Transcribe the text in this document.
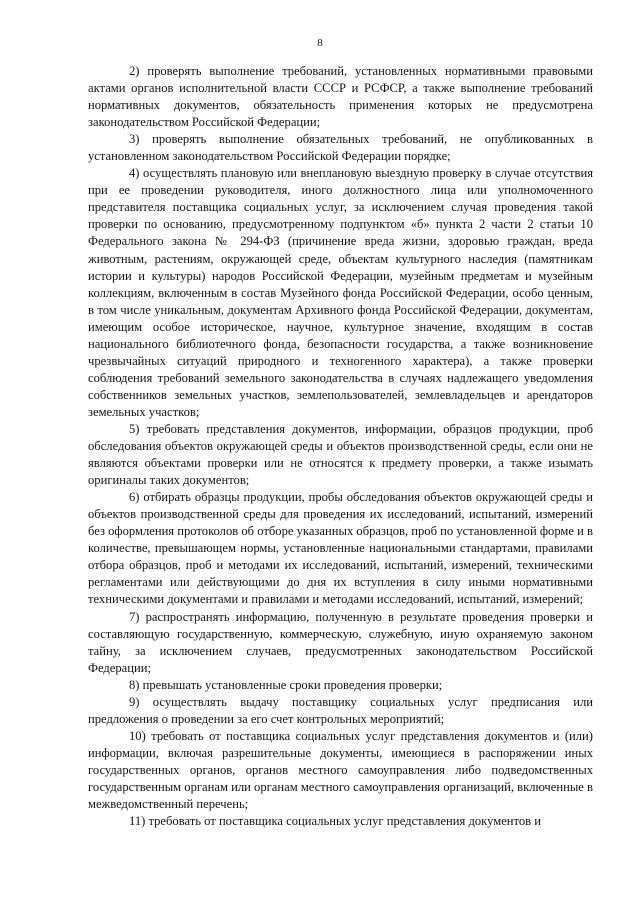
8

2) проверять выполнение требований, установленных нормативными правовыми актами органов исполнительной власти СССР и РСФСР, а также выполнение требований нормативных документов, обязательность применения которых не предусмотрена законодательством Российской Федерации;

3) проверять выполнение обязательных требований, не опубликованных в установленном законодательством Российской Федерации порядке;

4) осуществлять плановую или внеплановую выездную проверку в случае отсутствия при ее проведении руководителя, иного должностного лица или уполномоченного представителя поставщика социальных услуг, за исключением случая проведения такой проверки по основанию, предусмотренному подпунктом «б» пункта 2 части 2 статьи 10 Федерального закона № 294-ФЗ (причинение вреда жизни, здоровью граждан, вреда животным, растениям, окружающей среде, объектам культурного наследия (памятникам истории и культуры) народов Российской Федерации, музейным предметам и музейным коллекциям, включенным в состав Музейного фонда Российской Федерации, особо ценным, в том числе уникальным, документам Архивного фонда Российской Федерации, документам, имеющим особое историческое, научное, культурное значение, входящим в состав национального библиотечного фонда, безопасности государства, а также возникновение чрезвычайных ситуаций природного и техногенного характера), а также проверки соблюдения требований земельного законодательства в случаях надлежащего уведомления собственников земельных участков, землепользователей, землевладельцев и арендаторов земельных участков;

5) требовать представления документов, информации, образцов продукции, проб обследования объектов окружающей среды и объектов производственной среды, если они не являются объектами проверки или не относятся к предмету проверки, а также изымать оригиналы таких документов;

6) отбирать образцы продукции, пробы обследования объектов окружающей среды и объектов производственной среды для проведения их исследований, испытаний, измерений без оформления протоколов об отборе указанных образцов, проб по установленной форме и в количестве, превышающем нормы, установленные национальными стандартами, правилами отбора образцов, проб и методами их исследований, испытаний, измерений, техническими регламентами или действующими до дня их вступления в силу иными нормативными техническими документами и правилами и методами исследований, испытаний, измерений;

7) распространять информацию, полученную в результате проведения проверки и составляющую государственную, коммерческую, служебную, иную охраняемую законом тайну, за исключением случаев, предусмотренных законодательством Российской Федерации;

8) превышать установленные сроки проведения проверки;

9) осуществлять выдачу поставщику социальных услуг предписания или предложения о проведении за его счет контрольных мероприятий;

10) требовать от поставщика социальных услуг представления документов и (или) информации, включая разрешительные документы, имеющиеся в распоряжении иных государственных органов, органов местного самоуправления либо подведомственных государственным органам или органам местного самоуправления организаций, включенные в межведомственный перечень;

11) требовать от поставщика социальных услуг представления документов и
